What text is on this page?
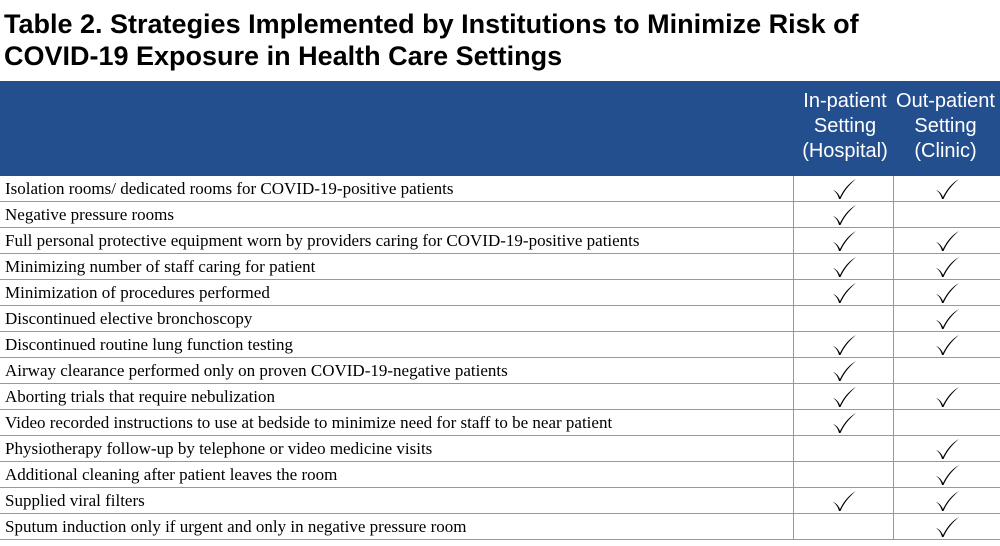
Table 2. Strategies Implemented by Institutions to Minimize Risk of
COVID-19 Exposure in Health Care Settings
In-patient
Setting
(Hospital)
Out-patient
Setting
(Clinic)
Isolation rooms/ dedicated rooms for COVID-19-positive patients
Negative pressure rooms
Full personal protective equipment worn by providers caring for COVID-19-positive patients
Minimizing number of staff caring for patient
Minimization of procedures performed
Discontinued elective bronchoscopy
Discontinued routine lung function testing
Airway clearance performed only on proven COVID-19-negative patients
Aborting trials that require nebulization
Video recorded instructions to use at bedside to minimize need for staff to be near patient
Physiotherapy follow-up by telephone or video medicine visits
Additional cleaning after patient leaves the room
Supplied viral filters
Sputum induction only if urgent and only in negative pressure room
